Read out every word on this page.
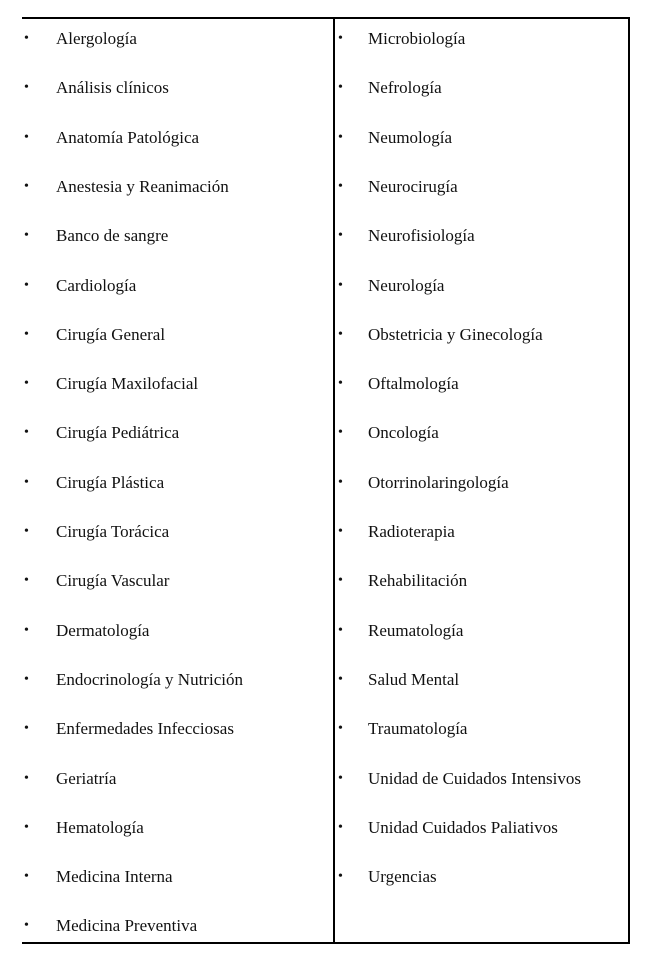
• Alergología
• Análisis clínicos
• Anatomía Patológica
• Anestesia y Reanimación
• Banco de sangre
• Cardiología
• Cirugía General
• Cirugía Maxilofacial
• Cirugía Pediátrica
• Cirugía Plástica
• Cirugía Torácica
• Cirugía Vascular
• Dermatología
• Endocrinología y Nutrición
• Enfermedades Infecciosas
• Geriatría
• Hematología
• Medicina Interna
• Medicina Preventiva
• Microbiología
• Nefrología
• Neumología
• Neurocirugía
• Neurofisiología
• Neurología
• Obstetricia y Ginecología
• Oftalmología
• Oncología
• Otorrinolaringología
• Radioterapia
• Rehabilitación
• Reumatología
• Salud Mental
• Traumatología
• Unidad de Cuidados Intensivos
• Unidad Cuidados Paliativos
• Urgencias
